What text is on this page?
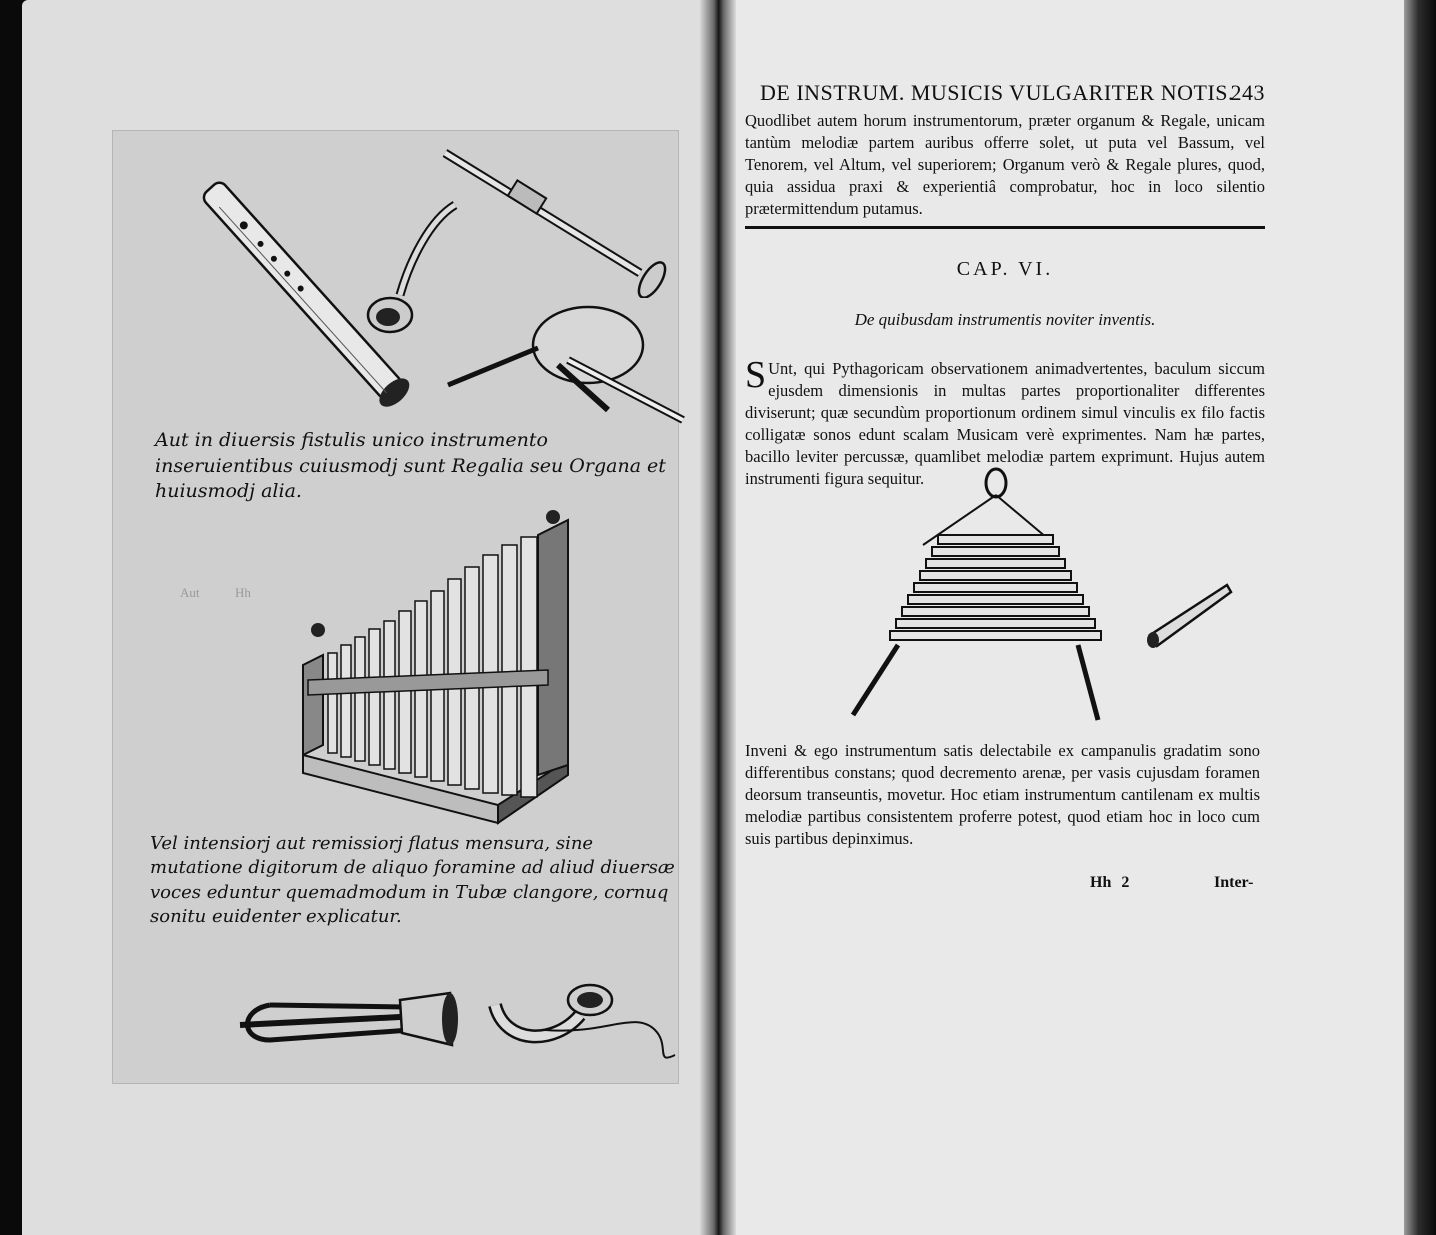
Aut	Hh
Aut in diuersis fistulis unico instrumento inseruientibus cuiusmodj sunt Regalia seu Organa et huiusmodj alia.
Vel intensiorj aut remissiorj flatus mensura, sine mutatione digitorum de aliquo foramine ad aliud diuersæ voces eduntur quemadmodum in Tubæ clangore, cornuq sonitu euidenter explicatur.
DE INSTRUM. MUSICIS VULGARITER NOTIS.
243
Quodlibet autem horum instrumentorum, præter organum & Regale, unicam tantùm melodiæ partem auribus offerre solet, ut puta vel Bassum, vel Tenorem, vel Altum, vel superiorem; Organum verò & Regale plures, quod, quia assidua praxi & experientiâ comprobatur, hoc in loco silentio prætermittendum putamus.
CAP. VI.
De quibusdam instrumentis noviter inventis.
S Unt, qui Pythagoricam observationem animadvertentes, baculum siccum ejusdem dimensionis in multas partes proportionaliter differentes diviserunt; quæ secundùm proportionum ordinem simul vinculis ex filo factis colligatæ sonos edunt scalam Musicam verè exprimentes. Nam hæ partes, bacillo leviter percussæ, quamlibet melodiæ partem exprimunt. Hujus autem instrumenti figura sequitur.
Inveni & ego instrumentum satis delectabile ex campanulis gradatim sono differentibus constans; quod decremento arenæ, per vasis cujusdam foramen deorsum transeuntis, movetur. Hoc etiam instrumentum cantilenam ex multis melodiæ partibus consistentem proferre potest, quod etiam hoc in loco cum suis partibus depinximus.
Hh 2	Inter-
